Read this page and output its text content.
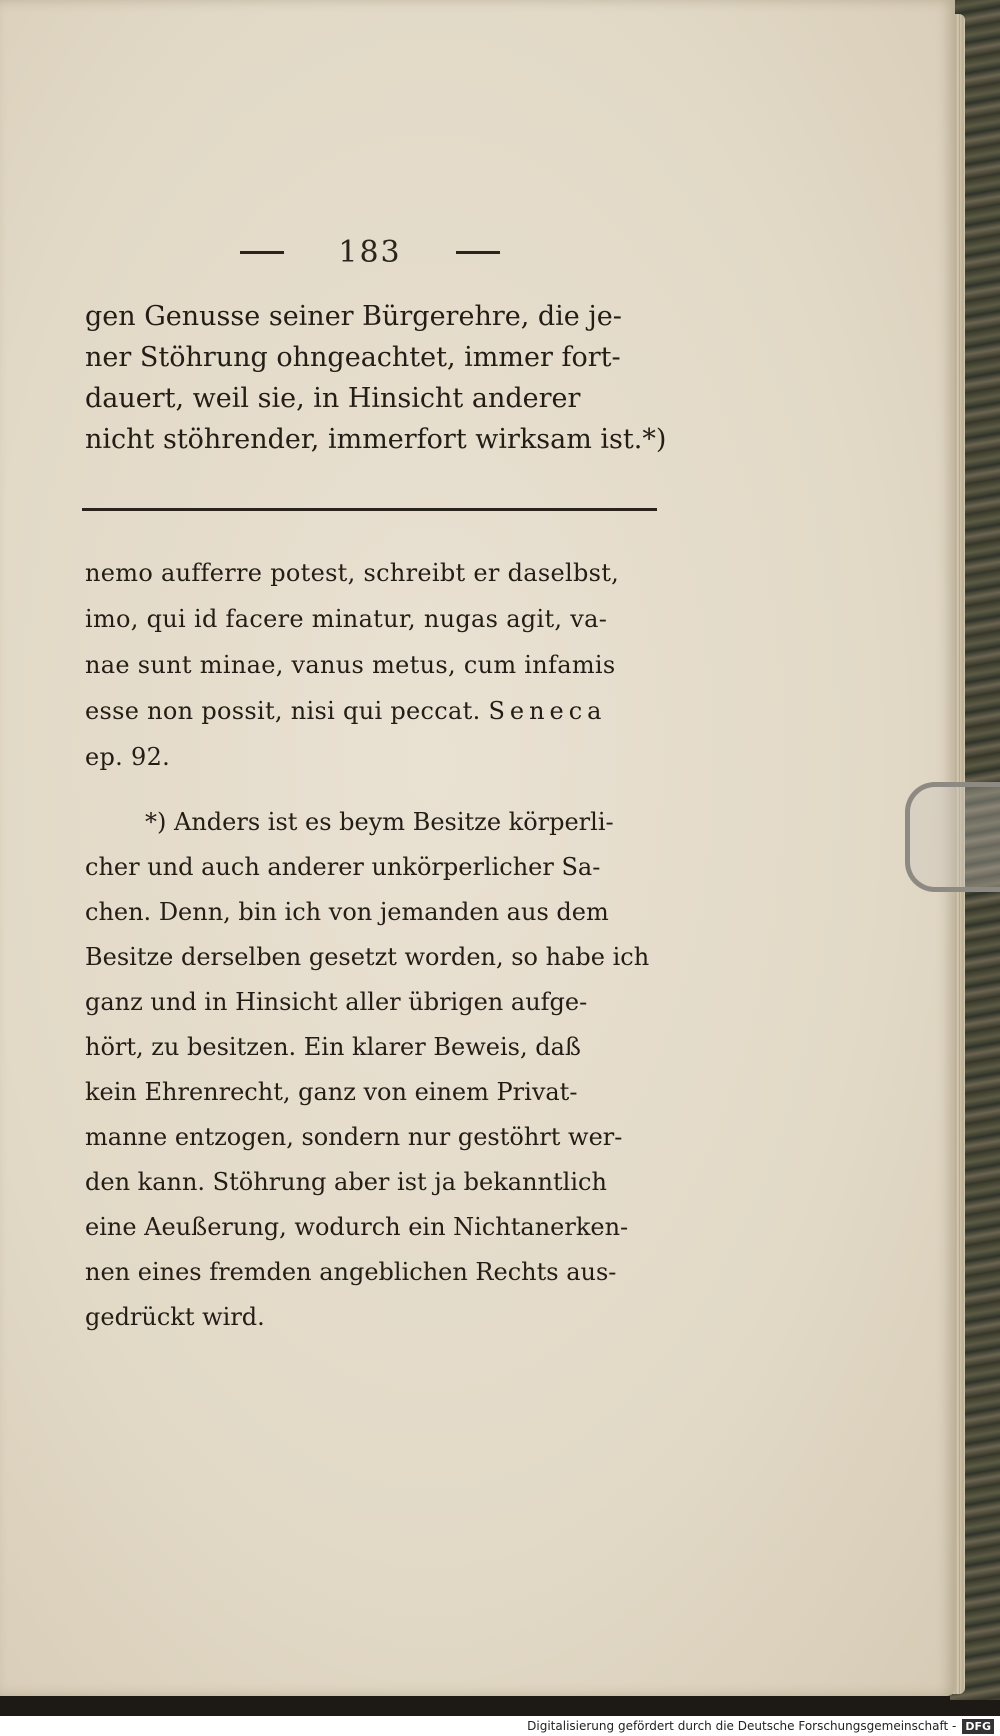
183
gen Genusse seiner Bürgerehre, die je-
ner Stöhrung ohngeachtet, immer fort-
dauert, weil sie, in Hinsicht anderer
nicht stöhrender, immerfort wirksam ist.*)
nemo aufferre potest, schreibt er daselbst,
imo, qui id facere minatur, nugas agit, va-
nae sunt minae, vanus metus, cum infamis
esse non possit, nisi qui peccat. Seneca
ep. 92.
*) Anders ist es beym Besitze körperli-
cher und auch anderer unkörperlicher Sa-
chen. Denn, bin ich von jemanden aus dem
Besitze derselben gesetzt worden, so habe ich
ganz und in Hinsicht aller übrigen aufge-
hört, zu besitzen. Ein klarer Beweis, daß
kein Ehrenrecht, ganz von einem Privat-
manne entzogen, sondern nur gestöhrt wer-
den kann. Stöhrung aber ist ja bekanntlich
eine Aeußerung, wodurch ein Nichtanerken-
nen eines fremden angeblichen Rechts aus-
gedrückt wird.
Digitalisierung gefördert durch die Deutsche Forschungsgemeinschaft - DFG
